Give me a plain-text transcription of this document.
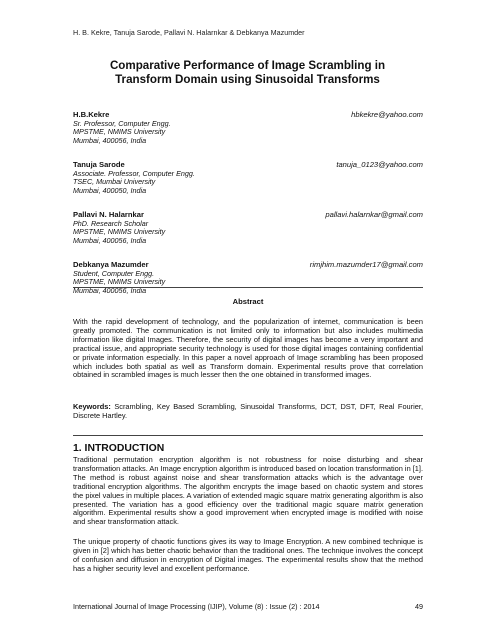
H. B. Kekre, Tanuja Sarode, Pallavi N. Halarnkar & Debkanya Mazumder
Comparative Performance of Image Scrambling in
Transform Domain using Sinusoidal Transforms
H.B.Kekre	hbkekre@yahoo.com
Sr. Professor, Computer Engg.
MPSTME, NMIMS University
Mumbai, 400056, India
Tanuja Sarode	tanuja_0123@yahoo.com
Associate. Professor, Computer Engg.
TSEC, Mumbai University
Mumbai, 400050, India
Pallavi N. Halarnkar	pallavi.halarnkar@gmail.com
PhD. Research Scholar
MPSTME, NMIMS University
Mumbai, 400056, India
Debkanya Mazumder	rimjhim.mazumder17@gmail.com
Student, Computer Engg.
MPSTME, NMIMS University
Mumbai, 400056, India
Abstract
With the rapid development of technology, and the popularization of internet, communication is been greatly promoted. The communication is not limited only to information but also includes multimedia information like digital Images. Therefore, the security of digital images has become a very important and practical issue, and appropriate security technology is used for those digital images containing confidential or private information especially. In this paper a novel approach of Image scrambling has been proposed which includes both spatial as well as Transform domain. Experimental results prove that correlation obtained in scrambled images is much lesser then the one obtained in transformed images.
Keywords: Scrambling, Key Based Scrambling, Sinusoidal Transforms, DCT, DST, DFT, Real Fourier, Discrete Hartley.
1. INTRODUCTION
Traditional permutation encryption algorithm is not robustness for noise disturbing and shear transformation attacks. An Image encryption algorithm is introduced based on location transformation in [1]. The method is robust against noise and shear transformation attacks which is the advantage over traditional encryption algorithms. The algorithm encrypts the image based on chaotic system and stores the pixel values in multiple places. A variation of extended magic square matrix generating algorithm is also presented. The variation has a good efficiency over the traditional magic square matrix generation algorithm. Experimental results show a good improvement when encrypted image is modified with noise and shear transformation attack.
The unique property of chaotic functions gives its way to Image Encryption. A new combined technique is given in [2] which has better chaotic behavior than the traditional ones. The technique involves the concept of confusion and diffusion in encryption of Digital images. The experimental results show that the method has a higher security level and excellent performance.
International Journal of Image Processing (IJIP), Volume (8) : Issue (2) : 2014	49
